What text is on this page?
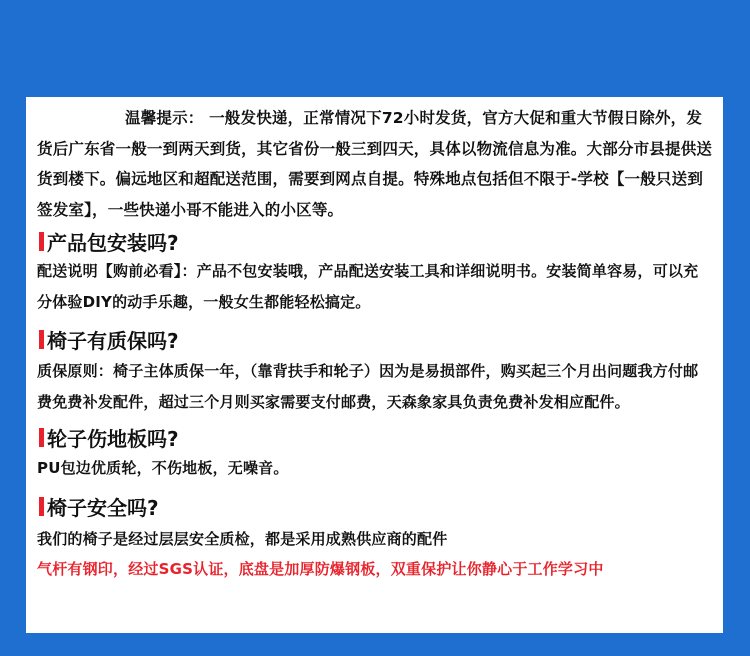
温馨提示： 一般发快递，正常情况下72小时发货，官方大促和重大节假日除外，发货后广东省一般一到两天到货，其它省份一般三到四天，具体以物流信息为准。大部分市县提供送货到楼下。偏远地区和超配送范围，需要到网点自提。特殊地点包括但不限于-学校【一般只送到签发室】，一些快递小哥不能进入的小区等。

产品包安装吗?

配送说明【购前必看】：产品不包安装哦，产品配送安装工具和详细说明书。安装简单容易，可以充分体验DIY的动手乐趣，一般女生都能轻松搞定。

椅子有质保吗?

质保原则：椅子主体质保一年，（靠背扶手和轮子）因为是易损部件，购买起三个月出问题我方付邮费免费补发配件，超过三个月则买家需要支付邮费，天森象家具负责免费补发相应配件。

轮子伤地板吗?

PU包边优质轮，不伤地板，无噪音。

椅子安全吗?

我们的椅子是经过层层安全质检，都是采用成熟供应商的配件

气杆有钢印，经过SGS认证，底盘是加厚防爆钢板，双重保护让你静心于工作学习中
